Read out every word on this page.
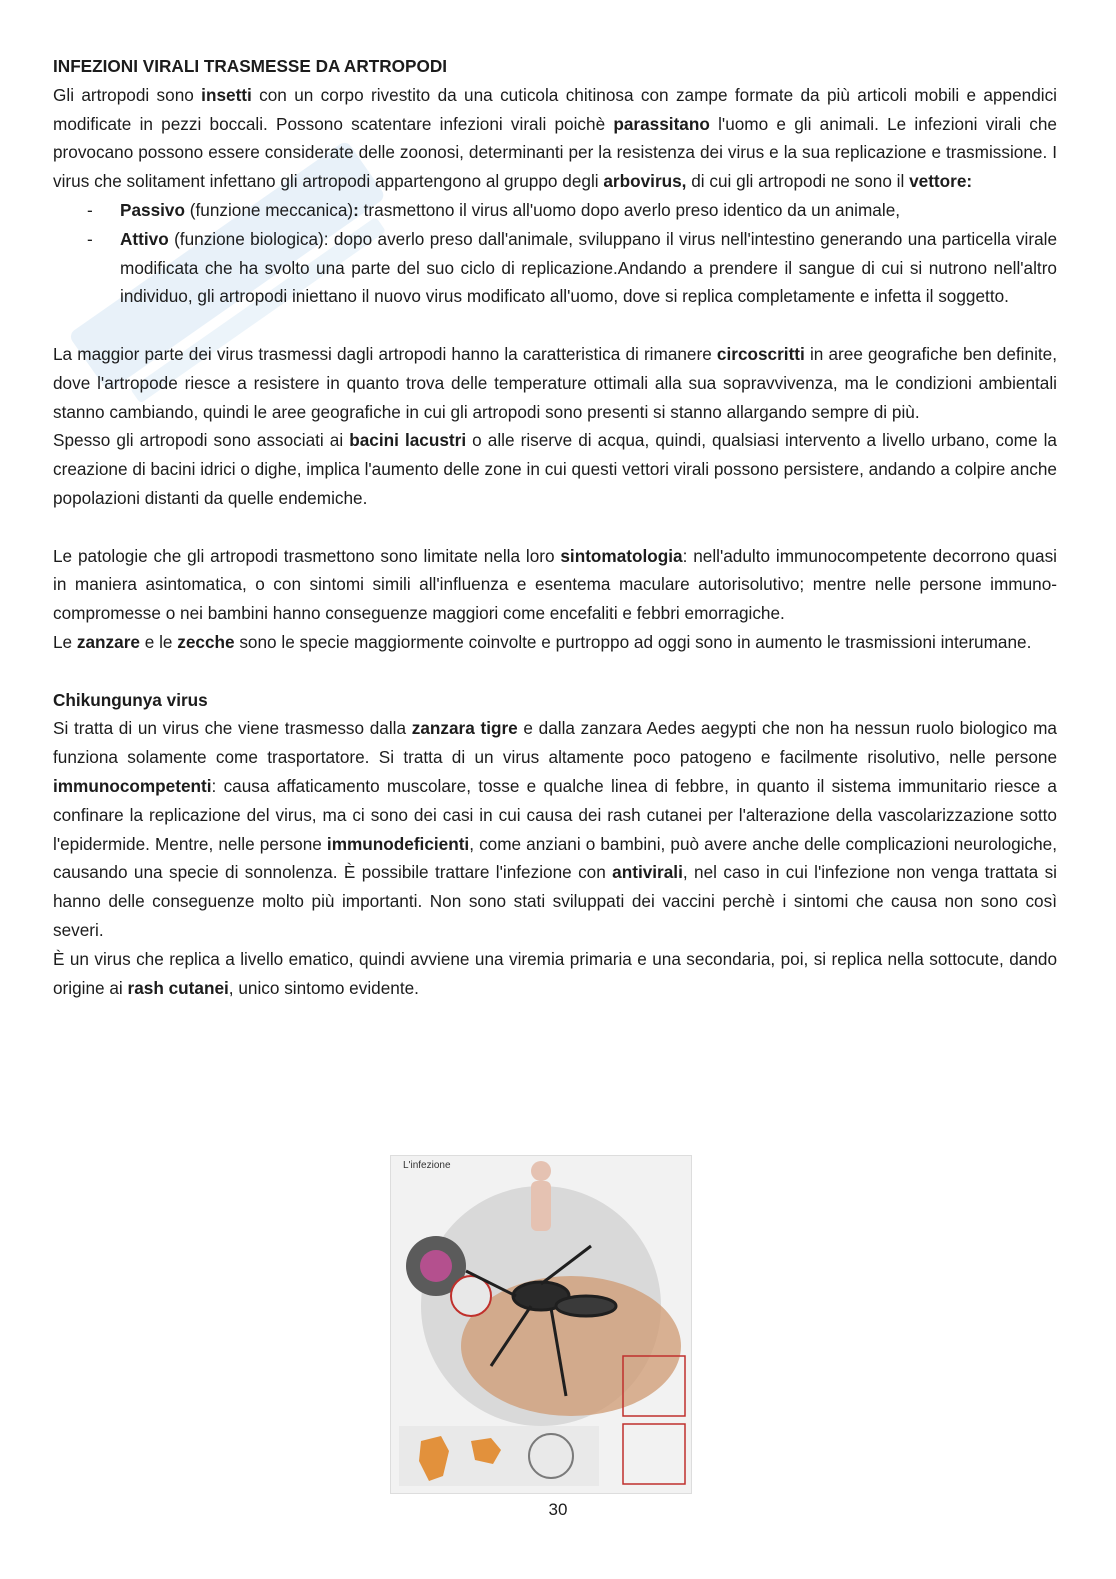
INFEZIONI VIRALI TRASMESSE DA ARTROPODI

Gli artropodi sono insetti con un corpo rivestito da una cuticola chitinosa con zampe formate da più articoli mobili e appendici modificate in pezzi boccali. Possono scatentare infezioni virali poichè parassitano l'uomo e gli animali. Le infezioni virali che provocano possono essere considerate delle zoonosi, determinanti per la resistenza dei virus e la sua replicazione e trasmissione. I virus che solitament infettano gli artropodi appartengono al gruppo degli arbovirus, di cui gli artropodi ne sono il vettore:

- Passivo (funzione meccanica): trasmettono il virus all'uomo dopo averlo preso identico da un animale,
- Attivo (funzione biologica): dopo averlo preso dall'animale, sviluppano il virus nell'intestino generando una particella virale modificata che ha svolto una parte del suo ciclo di replicazione.Andando a prendere il sangue di cui si nutrono nell'altro individuo, gli artropodi iniettano il nuovo virus modificato all'uomo, dove si replica completamente e infetta il soggetto.

La maggior parte dei virus trasmessi dagli artropodi hanno la caratteristica di rimanere circoscritti in aree geografiche ben definite, dove l'artropode riesce a resistere in quanto trova delle temperature ottimali alla sua sopravvivenza, ma le condizioni ambientali stanno cambiando, quindi le aree geografiche in cui gli artropodi sono presenti si stanno allargando sempre di più.

Spesso gli artropodi sono associati ai bacini lacustri o alle riserve di acqua, quindi, qualsiasi intervento a livello urbano, come la creazione di bacini idrici o dighe, implica l'aumento delle zone in cui questi vettori virali possono persistere, andando a colpire anche popolazioni distanti da quelle endemiche.

Le patologie che gli artropodi trasmettono sono limitate nella loro sintomatologia: nell'adulto immunocompetente decorrono quasi in maniera asintomatica, o con sintomi simili all'influenza e esentema maculare autorisolutivo; mentre nelle persone immuno-compromesse o nei bambini hanno conseguenze maggiori come encefaliti e febbri emorragiche.

Le zanzare e le zecche sono le specie maggiormente coinvolte e purtroppo ad oggi sono in aumento le trasmissioni interumane.

Chikungunya virus

Si tratta di un virus che viene trasmesso dalla zanzara tigre e dalla zanzara Aedes aegypti che non ha nessun ruolo biologico ma funziona solamente come trasportatore. Si tratta di un virus altamente poco patogeno e facilmente risolutivo, nelle persone immunocompetenti: causa affaticamento muscolare, tosse e qualche linea di febbre, in quanto il sistema immunitario riesce a confinare la replicazione del virus, ma ci sono dei casi in cui causa dei rash cutanei per l'alterazione della vascolarizzazione sotto l'epidermide. Mentre, nelle persone immunodeficienti, come anziani o bambini, può avere anche delle complicazioni neurologiche, causando una specie di sonnolenza. È possibile trattare l'infezione con antivirali, nel caso in cui l'infezione non venga trattata si hanno delle conseguenze molto più importanti. Non sono stati sviluppati dei vaccini perchè i sintomi che causa non sono così severi.

È un virus che replica a livello ematico, quindi avviene una viremia primaria e una secondaria, poi, si replica nella sottocute, dando origine ai rash cutanei, unico sintomo evidente.

L'infezione
30
